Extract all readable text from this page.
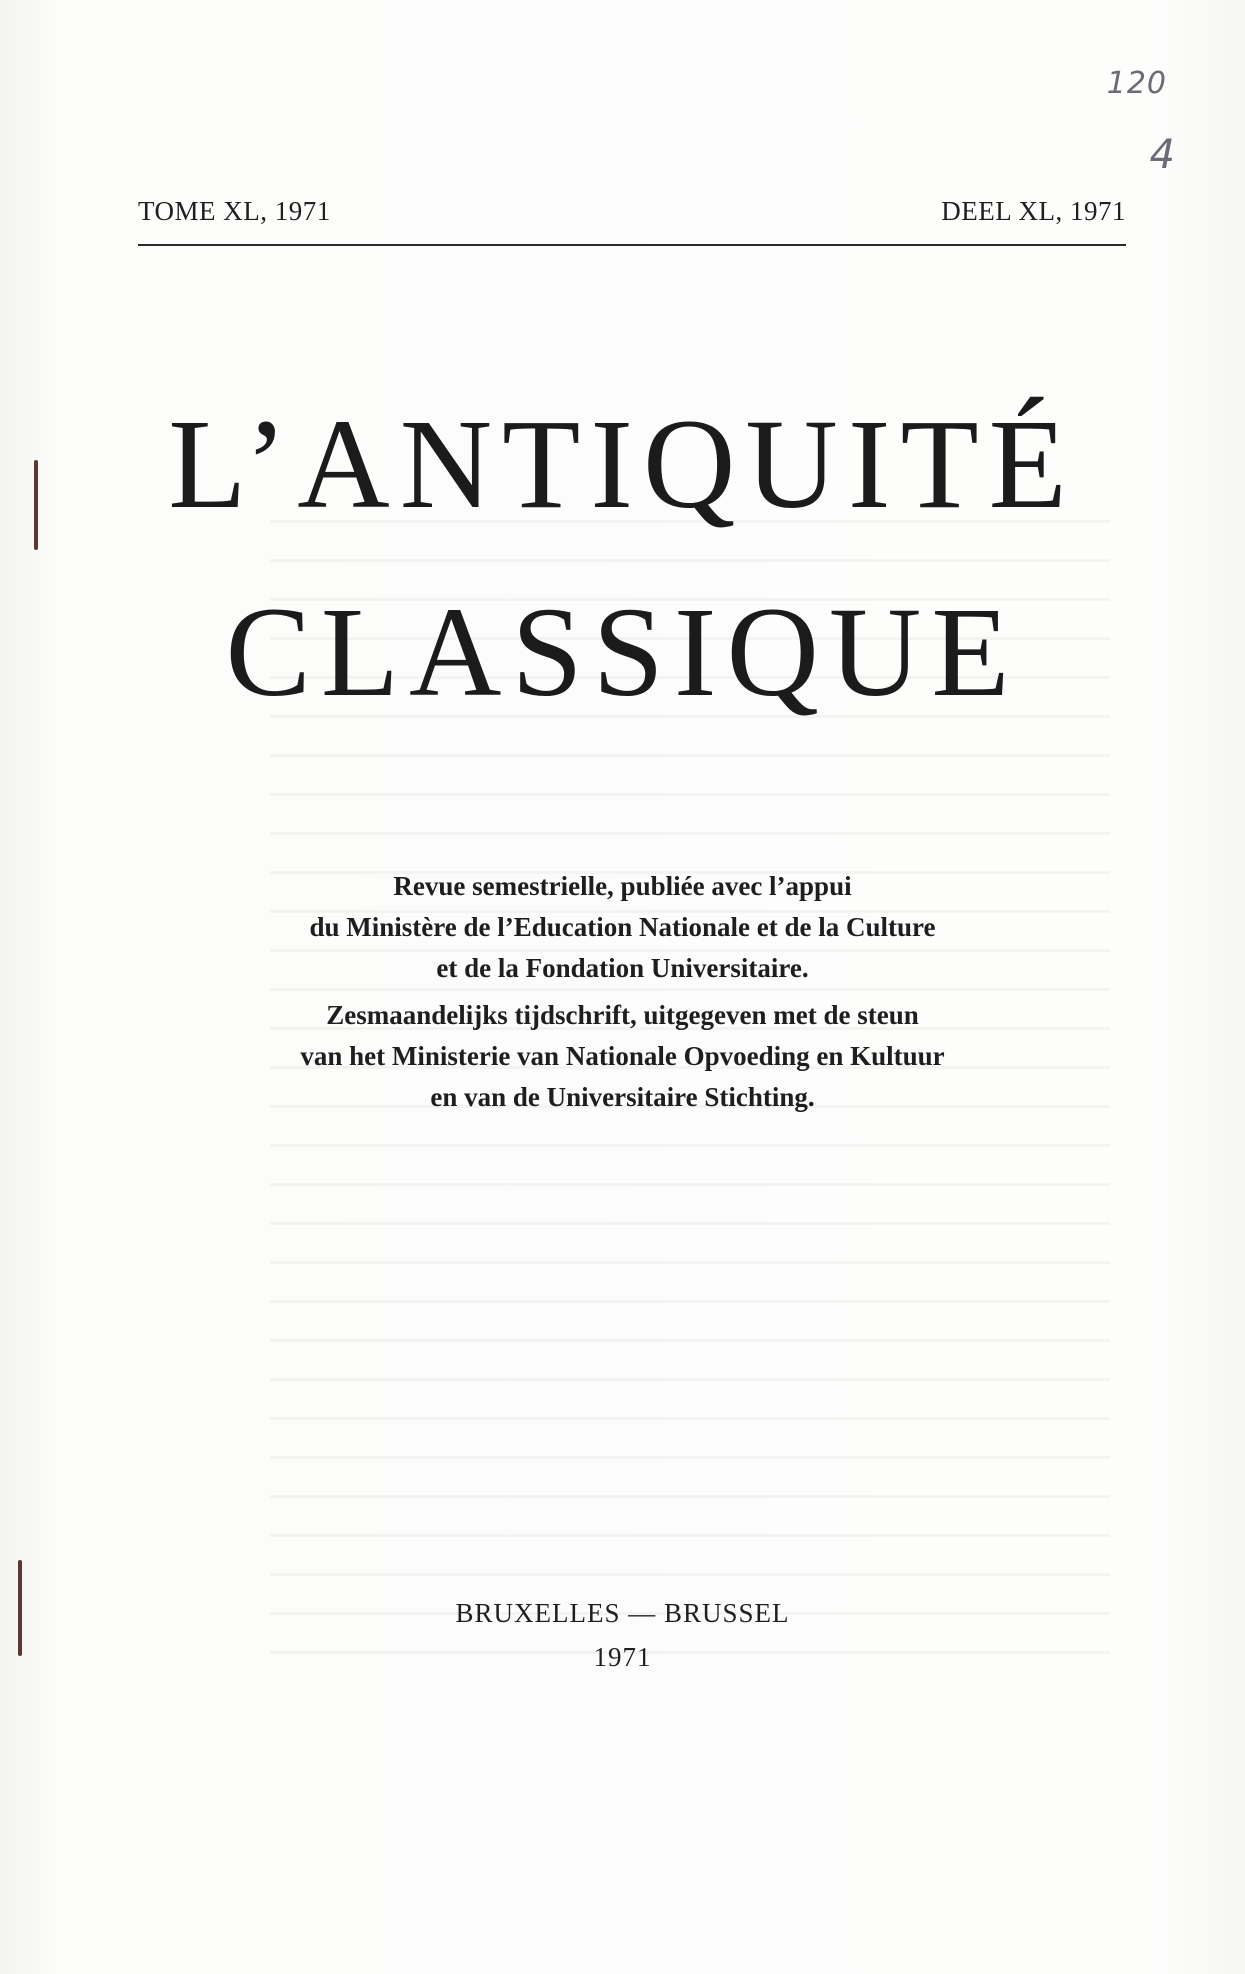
120
4
TOME XL, 1971	DEEL XL, 1971
L’ANTIQUITÉ
CLASSIQUE
Revue semestrielle, publiée avec l’appui
du Ministère de l’Education Nationale et de la Culture
et de la Fondation Universitaire.
Zesmaandelijks tijdschrift, uitgegeven met de steun
van het Ministerie van Nationale Opvoeding en Kultuur
en van de Universitaire Stichting.
BRUXELLES — BRUSSEL
1971
